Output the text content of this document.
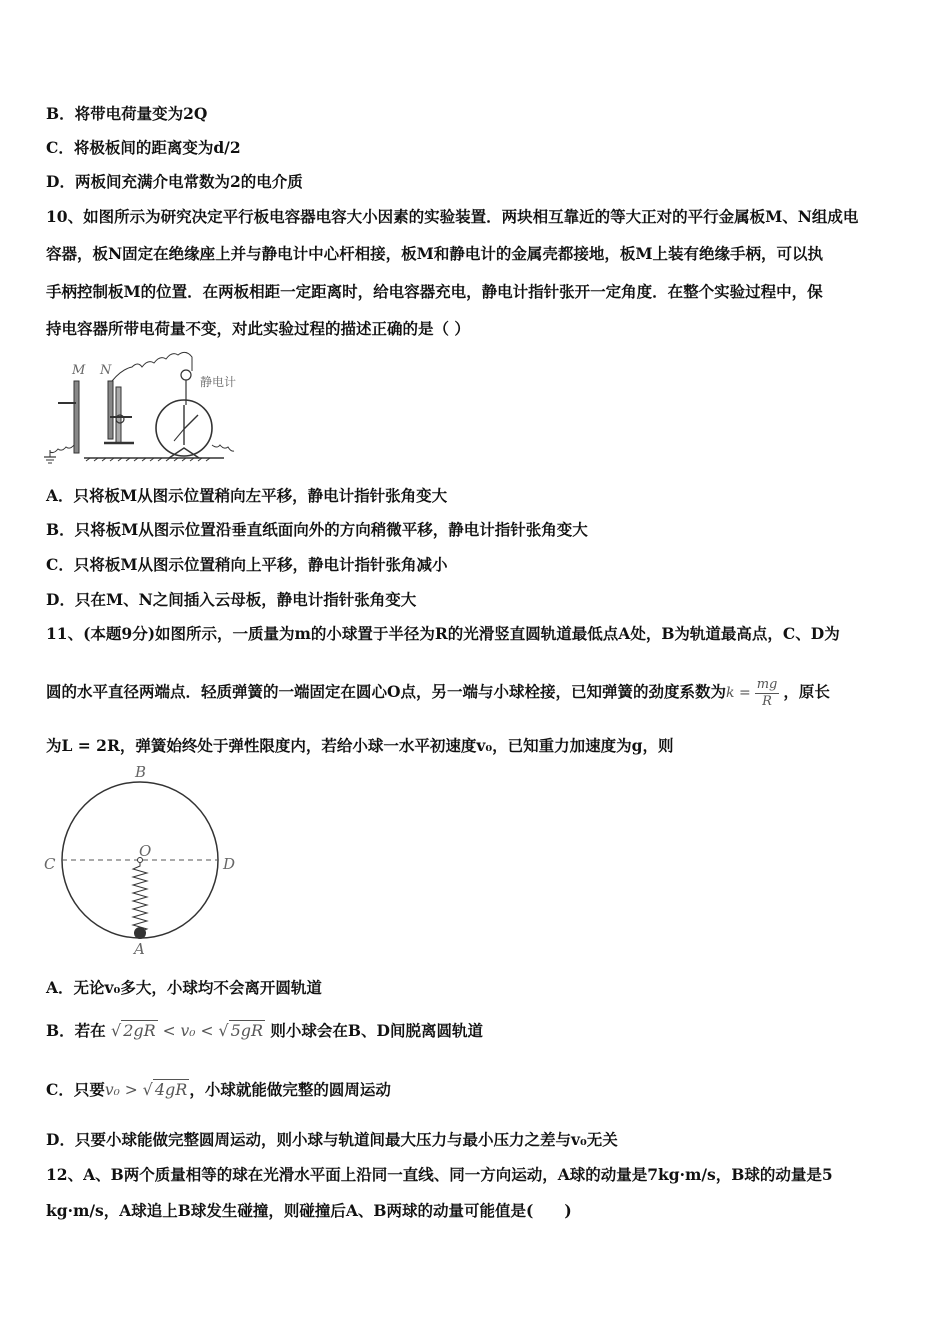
B．将带电荷量变为2Q
C．将极板间的距离变为d/2
D．两板间充满介电常数为2的电介质
10、如图所示为研究决定平行板电容器电容大小因素的实验装置．两块相互靠近的等大正对的平行金属板M、N组成电
容器，板N固定在绝缘座上并与静电计中心杆相接，板M和静电计的金属壳都接地，板M上装有绝缘手柄，可以执
手柄控制板M的位置．在两板相距一定距离时，给电容器充电，静电计指针张开一定角度．在整个实验过程中，保
持电容器所带电荷量不变，对此实验过程的描述正确的是（ ）
M N
静电计
A．只将板M从图示位置稍向左平移，静电计指针张角变大
B．只将板M从图示位置沿垂直纸面向外的方向稍微平移，静电计指针张角变大
C．只将板M从图示位置稍向上平移，静电计指针张角减小
D．只在M、N之间插入云母板，静电计指针张角变大
11、(本题9分)如图所示，一质量为m的小球置于半径为R的光滑竖直圆轨道最低点A处，B为轨道最高点，C、D为
圆的水平直径两端点．轻质弹簧的一端固定在圆心O点，另一端与小球栓接，已知弹簧的劲度系数为$k = \frac{mg}{R}$ ，原长
为L = 2R，弹簧始终处于弹性限度内，若给小球一水平初速度v₀，已知重力加速度为g，则
B
C	D
O
A
A．无论v₀多大，小球均不会离开圆轨道
B．若在 √ 2gR < v₀ < √ 5gR 则小球会在B、D间脱离圆轨道
C．只要v₀ > √ 4gR ，小球就能做完整的圆周运动
D．只要小球能做完整圆周运动，则小球与轨道间最大压力与最小压力之差与v₀无关
12、A、B两个质量相等的球在光滑水平面上沿同一直线、同一方向运动，A球的动量是7kg·m/s，B球的动量是5
kg·m/s，A球追上B球发生碰撞，则碰撞后A、B两球的动量可能值是(　　)
